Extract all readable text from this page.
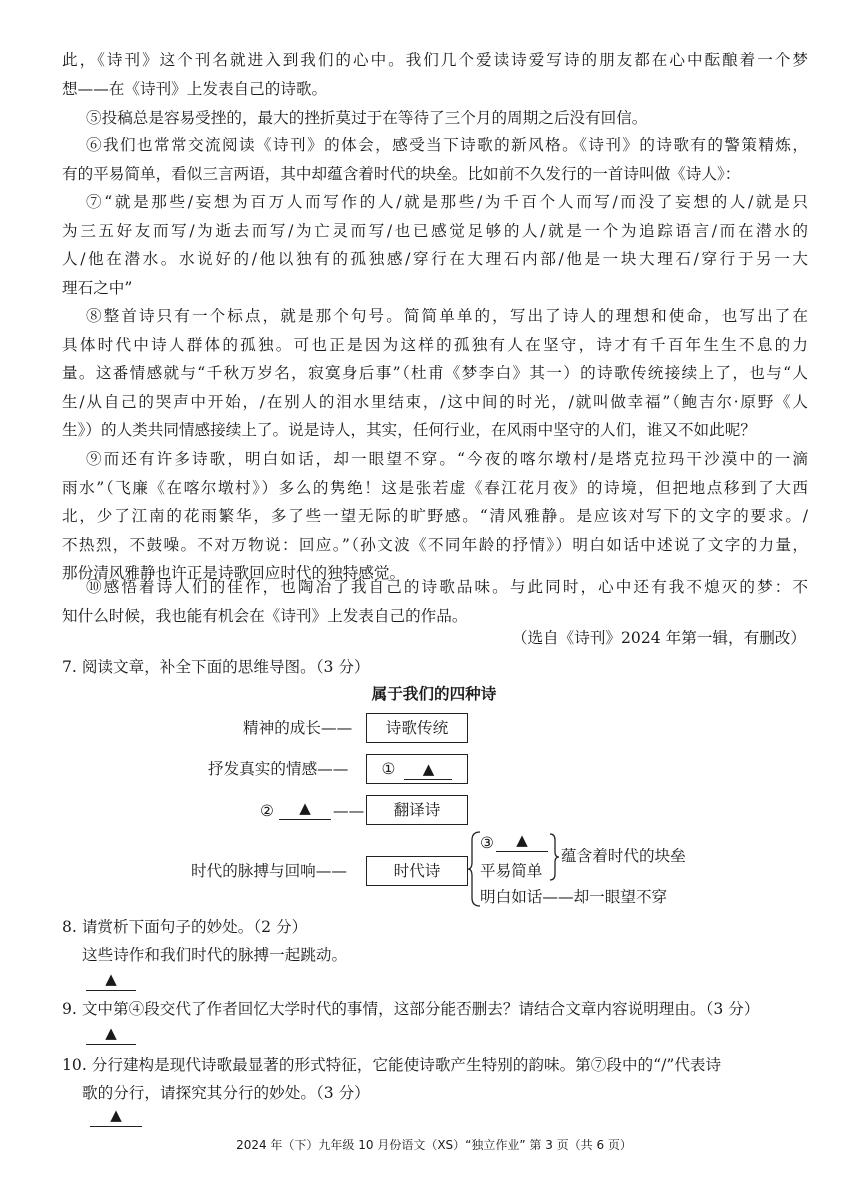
此，《诗刊》这个刊名就进入到我们的心中。我们几个爱读诗爱写诗的朋友都在心中酝酿着一个梦
想——在《诗刊》上发表自己的诗歌。
⑤投稿总是容易受挫的，最大的挫折莫过于在等待了三个月的周期之后没有回信。
⑥我们也常常交流阅读《诗刊》的体会，感受当下诗歌的新风格。《诗刊》的诗歌有的警策精炼，
有的平易简单，看似三言两语，其中却蕴含着时代的块垒。比如前不久发行的一首诗叫做《诗人》：
⑦“就是那些/妄想为百万人而写作的人/就是那些/为千百个人而写/而没了妄想的人/就是只
为三五好友而写/为逝去而写/为亡灵而写/也已感觉足够的人/就是一个为追踪语言/而在潜水的
人/他在潜水。水说好的/他以独有的孤独感/穿行在大理石内部/他是一块大理石/穿行于另一大
理石之中”
⑧整首诗只有一个标点，就是那个句号。简简单单的，写出了诗人的理想和使命，也写出了在
具体时代中诗人群体的孤独。可也正是因为这样的孤独有人在坚守，诗才有千百年生生不息的力
量。这番情感就与“千秋万岁名，寂寞身后事”（杜甫《梦李白》其一）的诗歌传统接续上了，也与“人
生/从自己的哭声中开始，/在别人的泪水里结束，/这中间的时光，/就叫做幸福”（鲍吉尔·原野《人
生》）的人类共同情感接续上了。说是诗人，其实，任何行业，在风雨中坚守的人们，谁又不如此呢？
⑨而还有许多诗歌，明白如话，却一眼望不穿。“今夜的喀尔墩村/是塔克拉玛干沙漠中的一滴
雨水”（飞廉《在喀尔墩村》）多么的隽绝！这是张若虚《春江花月夜》的诗境，但把地点移到了大西
北，少了江南的花雨繁华，多了些一望无际的旷野感。“清风雅静。是应该对写下的文字的要求。/
不热烈，不鼓噪。不对万物说：回应。”（孙文波《不同年龄的抒情》）明白如话中述说了文字的力量，
那份清风雅静也许正是诗歌回应时代的独特感觉。
⑩感悟着诗人们的佳作，也陶冶了我自己的诗歌品味。与此同时，心中还有我不熄灭的梦：不
知什么时候，我也能有机会在《诗刊》上发表自己的作品。
（选自《诗刊》2024 年第一辑，有删改）
7. 阅读文章，补全下面的思维导图。（3 分）
属于我们的四种诗
精神的成长——	诗歌传统
抒发真实的情感——	① ▲
②	▲	——	翻译诗
时代的脉搏与回响——	时代诗
③	▲
平易简单
蕴含着时代的块垒
明白如话——却一眼望不穿
8. 请赏析下面句子的妙处。（2 分）
这些诗作和我们时代的脉搏一起跳动。
▲
9. 文中第④段交代了作者回忆大学时代的事情，这部分能否删去？请结合文章内容说明理由。（3 分）
▲
10. 分行建构是现代诗歌最显著的形式特征，它能使诗歌产生特别的韵味。第⑦段中的“/”代表诗
歌的分行，请探究其分行的妙处。（3 分）
▲
2024 年（下）九年级 10 月份语文（XS）“独立作业” 第 3 页（共 6 页）
